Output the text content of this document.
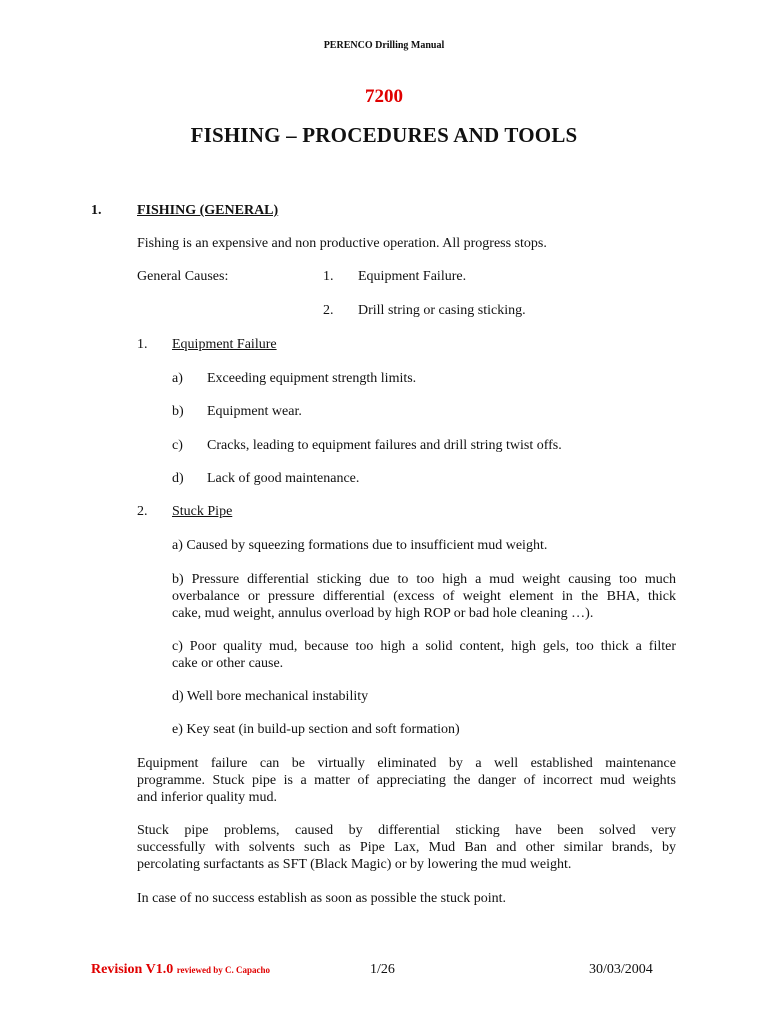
PERENCO Drilling Manual
7200
FISHING – PROCEDURES AND TOOLS
1.	FISHING (GENERAL)
Fishing is an expensive and non productive operation. All progress stops.
General Causes:	1. Equipment Failure.
2. Drill string or casing sticking.
1. Equipment Failure
a) Exceeding equipment strength limits.
b) Equipment wear.
c) Cracks, leading to equipment failures and drill string twist offs.
d) Lack of good maintenance.
2. Stuck Pipe
a) Caused by squeezing formations due to insufficient mud weight.
b) Pressure differential sticking due to too high a mud weight causing too much
overbalance or pressure differential (excess of weight element in the BHA, thick
cake, mud weight, annulus overload by high ROP or bad hole cleaning …).
c) Poor quality mud, because too high a solid content, high gels, too thick a filter
cake or other cause.
d) Well bore mechanical instability
e) Key seat (in build-up section and soft formation)
Equipment failure can be virtually eliminated by a well established maintenance
programme. Stuck pipe is a matter of appreciating the danger of incorrect mud weights
and inferior quality mud.
Stuck pipe problems, caused by differential sticking have been solved very
successfully with solvents such as Pipe Lax, Mud Ban and other similar brands, by
percolating surfactants as SFT (Black Magic) or by lowering the mud weight.
In case of no success establish as soon as possible the stuck point.
Revision V1.0 reviewed by C. Capacho	1/26	30/03/2004
